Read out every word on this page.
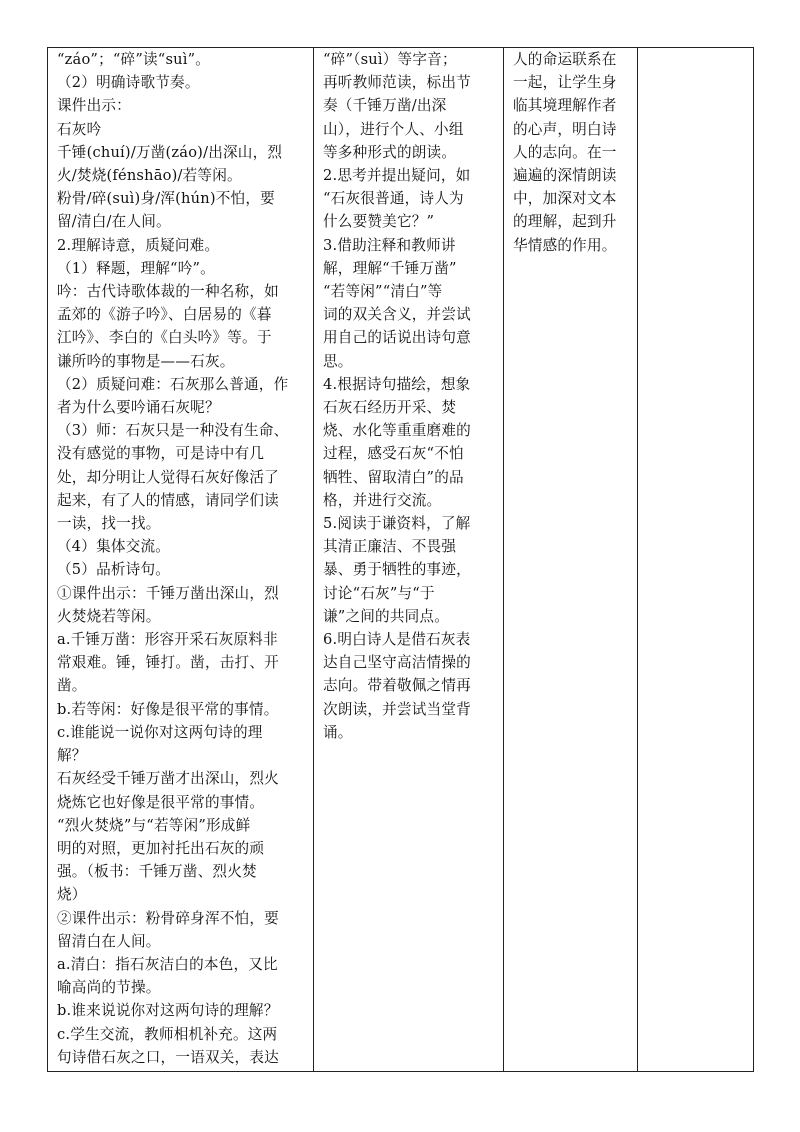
“záo”；“碎”读“suì”。
（2）明确诗歌节奏。
课件出示：
石灰吟
千锤(chuí)/万凿(záo)/出深山，烈
火/焚烧(fénshāo)/若等闲。
粉骨/碎(suì)身/浑(hún)不怕，要
留/清白/在人间。
2.理解诗意，质疑问难。
（1）释题，理解“吟”。
吟：古代诗歌体裁的一种名称，如
孟郊的《游子吟》、白居易的《暮
江吟》、李白的《白头吟》等。于
谦所吟的事物是——石灰。
（2）质疑问难：石灰那么普通，作
者为什么要吟诵石灰呢？
（3）师：石灰只是一种没有生命、
没有感觉的事物，可是诗中有几
处，却分明让人觉得石灰好像活了
起来，有了人的情感，请同学们读
一读，找一找。
（4）集体交流。
（5）品析诗句。
①课件出示：千锤万凿出深山，烈
火焚烧若等闲。
a.千锤万凿：形容开采石灰原料非
常艰难。锤，锤打。凿，击打、开
凿。
b.若等闲：好像是很平常的事情。
c.谁能说一说你对这两句诗的理
解？
石灰经受千锤万凿才出深山，烈火
烧炼它也好像是很平常的事情。
“烈火焚烧”与“若等闲”形成鲜
明的对照，更加衬托出石灰的顽
强。（板书：千锤万凿、烈火焚
烧）
②课件出示：粉骨碎身浑不怕，要
留清白在人间。
a.清白：指石灰洁白的本色，又比
喻高尚的节操。
b.谁来说说你对这两句诗的理解？
c.学生交流，教师相机补充。这两
句诗借石灰之口，一语双关，表达

“碎”（suì）等字音；
再听教师范读，标出节
奏（千锤万凿/出深
山），进行个人、小组
等多种形式的朗读。
2.思考并提出疑问，如
“石灰很普通，诗人为
什么要赞美它？”
3.借助注释和教师讲
解，理解“千锤万凿”
“若等闲”“清白”等
词的双关含义，并尝试
用自己的话说出诗句意
思。
4.根据诗句描绘，想象
石灰石经历开采、焚
烧、水化等重重磨难的
过程，感受石灰“不怕
牺牲、留取清白”的品
格，并进行交流。
5.阅读于谦资料，了解
其清正廉洁、不畏强
暴、勇于牺牲的事迹，
讨论“石灰”与“于
谦”之间的共同点。
6.明白诗人是借石灰表
达自己坚守高洁情操的
志向。带着敬佩之情再
次朗读，并尝试当堂背
诵。

人的命运联系在
一起，让学生身
临其境理解作者
的心声，明白诗
人的志向。在一
遍遍的深情朗读
中，加深对文本
的理解，起到升
华情感的作用。
